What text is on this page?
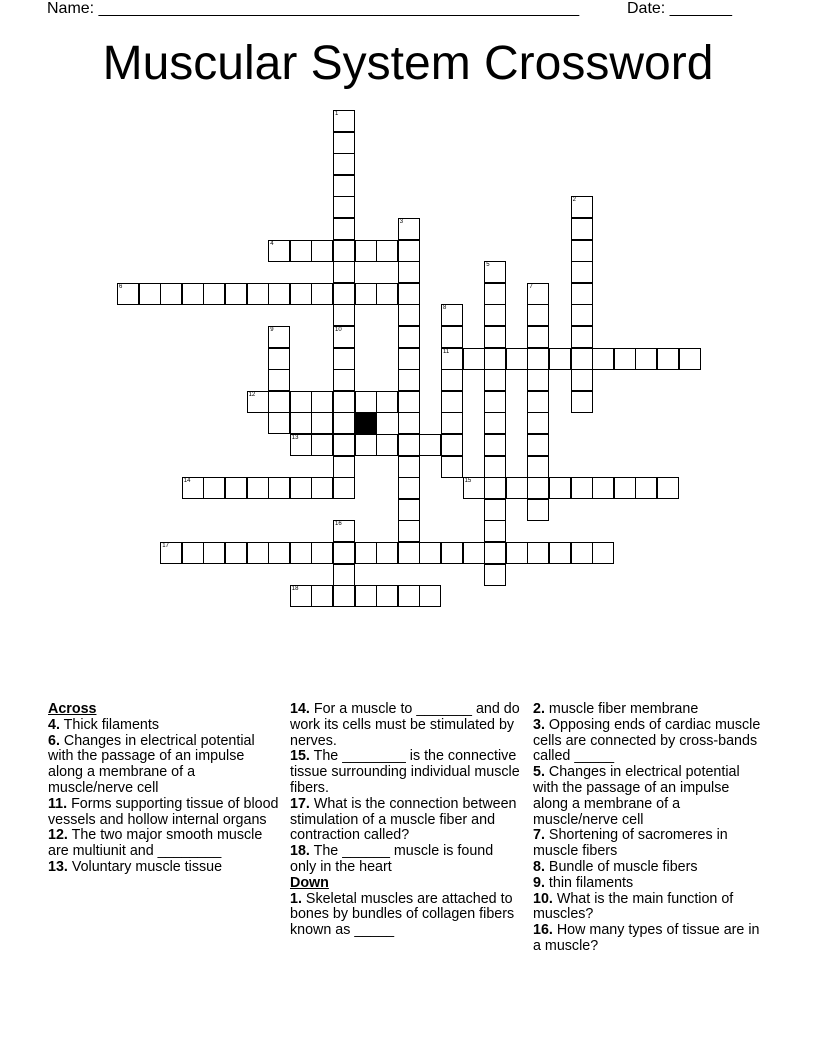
Name: ______________________________________________________	Date: _______
Muscular System Crossword
1
10
2
3
4
5
6	7
8
11
9
12
13
14	15
16
17
18
Across
4. Thick filaments
6. Changes in electrical potential with the passage of an impulse along a membrane of a muscle/nerve cell
11. Forms supporting tissue of blood vessels and hollow internal organs
12. The two major smooth muscle are multiunit and ________
13. Voluntary muscle tissue
14. For a muscle to _______ and do work its cells must be stimulated by nerves.
15. The ________ is the connective tissue surrounding individual muscle fibers.
17. What is the connection between stimulation of a muscle fiber and contraction called?
18. The ______ muscle is found only in the heart
Down
1. Skeletal muscles are attached to bones by bundles of collagen fibers known as _____
2. muscle fiber membrane
3. Opposing ends of cardiac muscle cells are connected by cross-bands called _____
5. Changes in electrical potential with the passage of an impulse along a membrane of a muscle/nerve cell
7. Shortening of sacromeres in muscle fibers
8. Bundle of muscle fibers
9. thin filaments
10. What is the main function of muscles?
16. How many types of tissue are in a muscle?
